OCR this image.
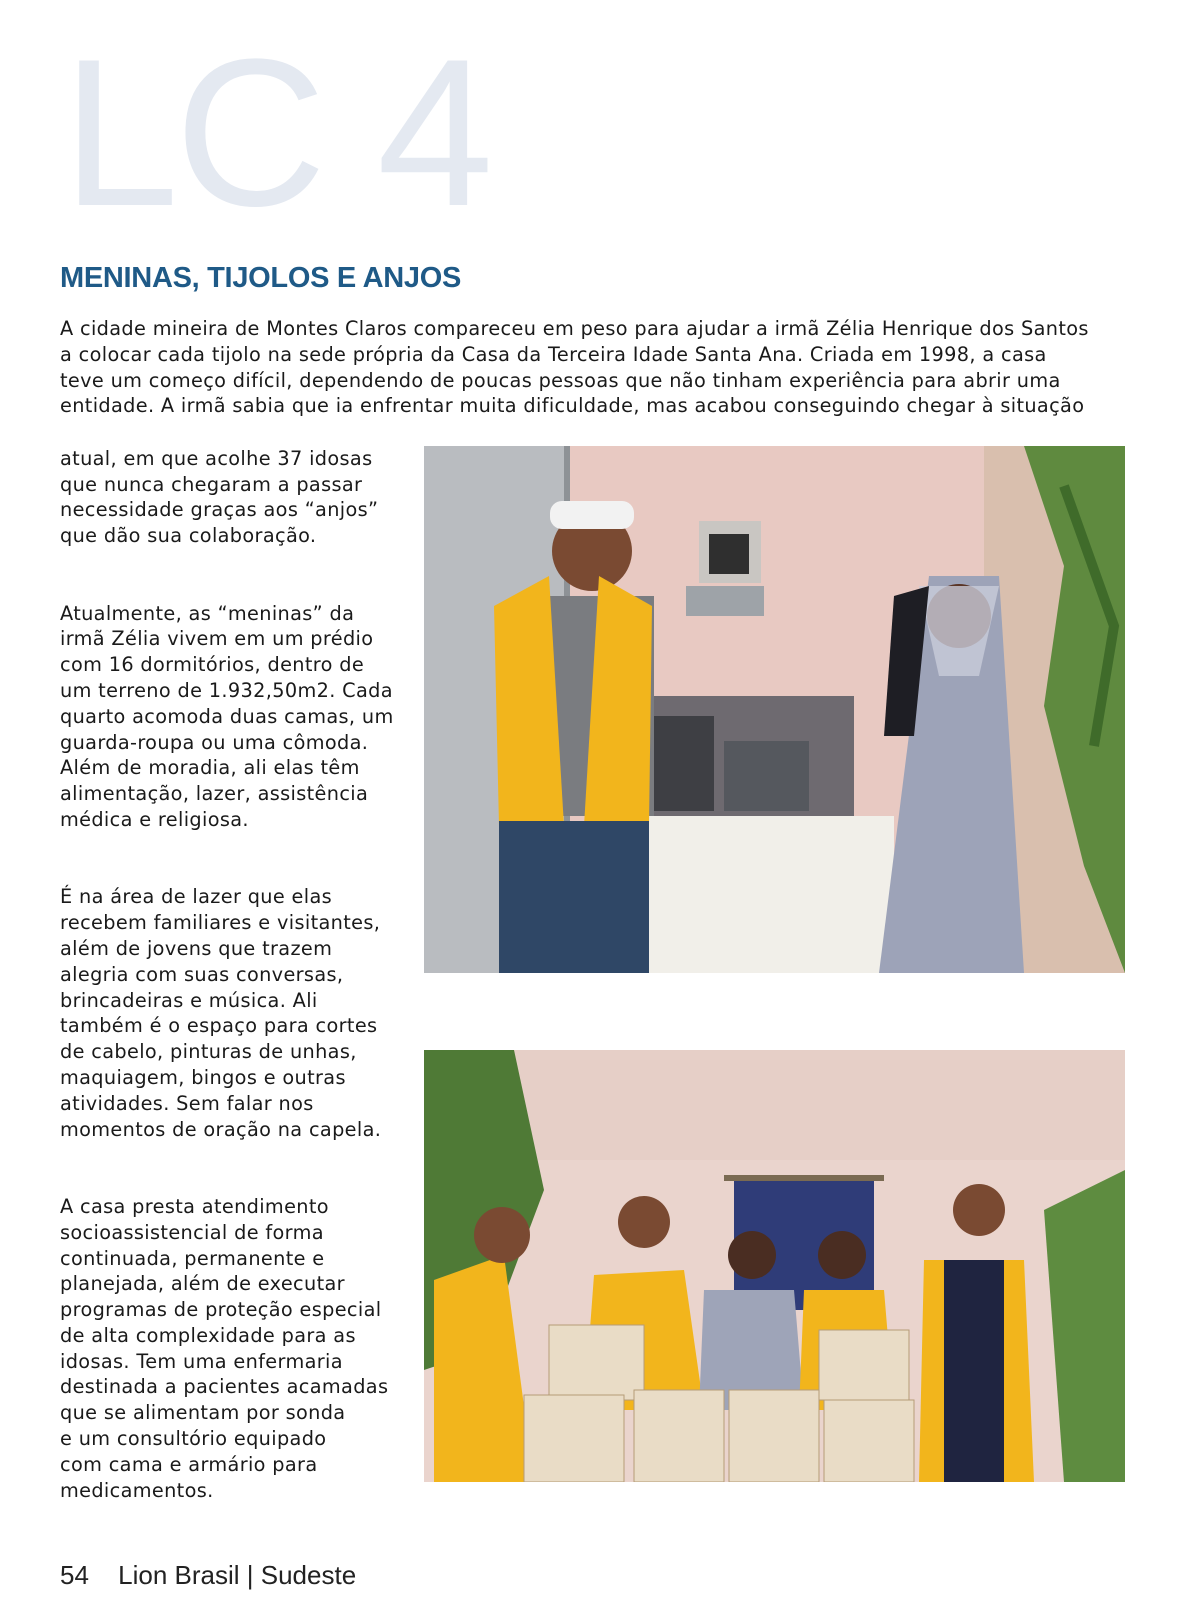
LC 4
MENINAS, TIJOLOS E ANJOS

A cidade mineira de Montes Claros compareceu em peso para ajudar a irmã Zélia Henrique dos Santos
a colocar cada tijolo na sede própria da Casa da Terceira Idade Santa Ana. Criada em 1998, a casa
teve um começo difícil, dependendo de poucas pessoas que não tinham experiência para abrir uma
entidade. A irmã sabia que ia enfrentar muita dificuldade, mas acabou conseguindo chegar à situação

atual, em que acolhe 37 idosas
que nunca chegaram a passar
necessidade graças aos “anjos”
que dão sua colaboração.

Atualmente, as “meninas” da
irmã Zélia vivem em um prédio
com 16 dormitórios, dentro de
um terreno de 1.932,50m2. Cada
quarto acomoda duas camas, um
guarda-roupa ou uma cômoda.
Além de moradia, ali elas têm
alimentação, lazer, assistência
médica e religiosa.

É na área de lazer que elas
recebem familiares e visitantes,
além de jovens que trazem
alegria com suas conversas,
brincadeiras e música. Ali
também é o espaço para cortes
de cabelo, pinturas de unhas,
maquiagem, bingos e outras
atividades. Sem falar nos
momentos de oração na capela.

A casa presta atendimento
socioassistencial de forma
continuada, permanente e
planejada, além de executar
programas de proteção especial
de alta complexidade para as
idosas. Tem uma enfermaria
destinada a pacientes acamadas
que se alimentam por sonda
e um consultório equipado
com cama e armário para
medicamentos.

54 Lion Brasil | Sudeste
